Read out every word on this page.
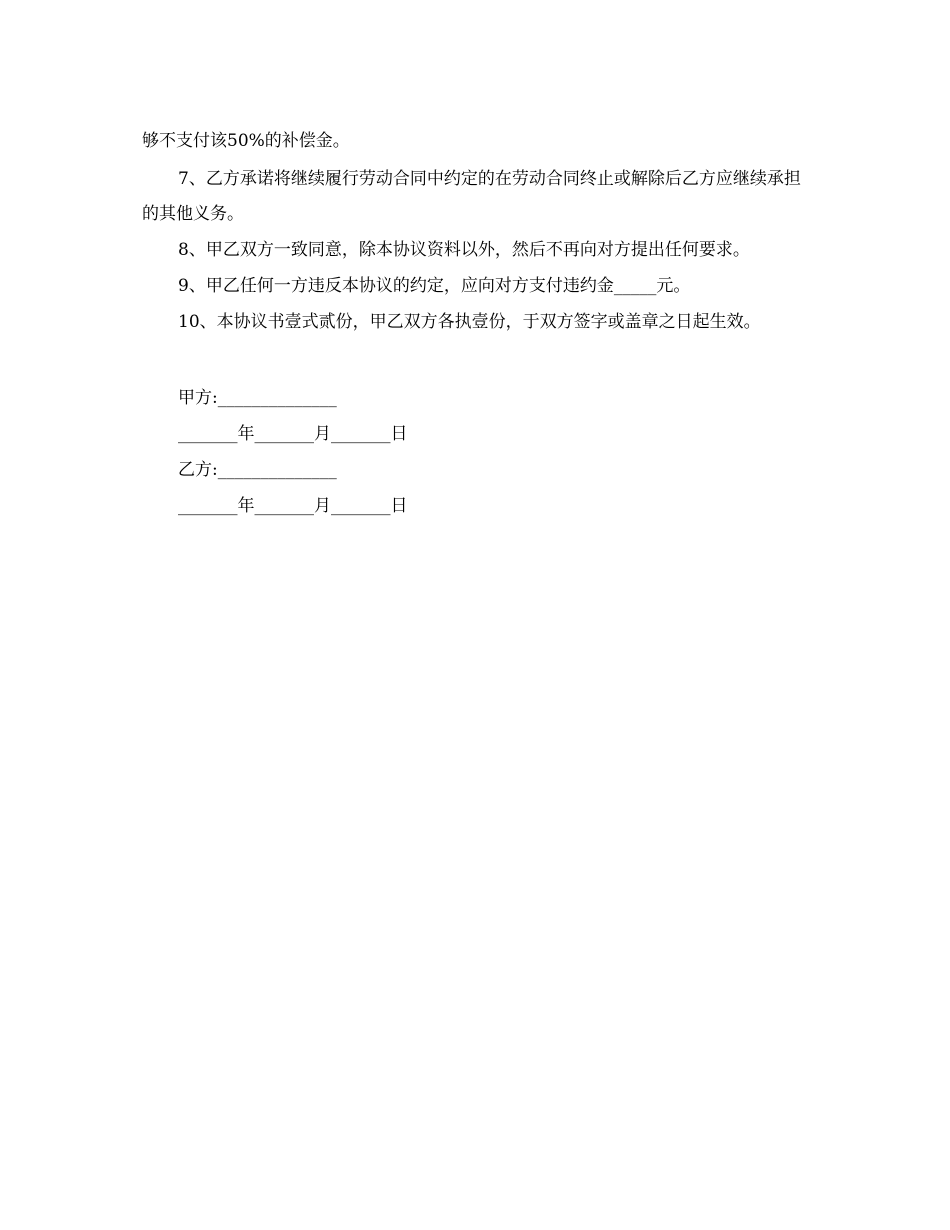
够不支付该50%的补偿金。

7、乙方承诺将继续履行劳动合同中约定的在劳动合同终止或解除后乙方应继续承担的其他义务。

8、甲乙双方一致同意，除本协议资料以外，然后不再向对方提出任何要求。

9、甲乙任何一方违反本协议的约定，应向对方支付违约金_____元。

10、本协议书壹式贰份，甲乙双方各执壹份，于双方签字或盖章之日起生效。

甲方:______________

_______年_______月_______日

乙方:______________

_______年_______月_______日
